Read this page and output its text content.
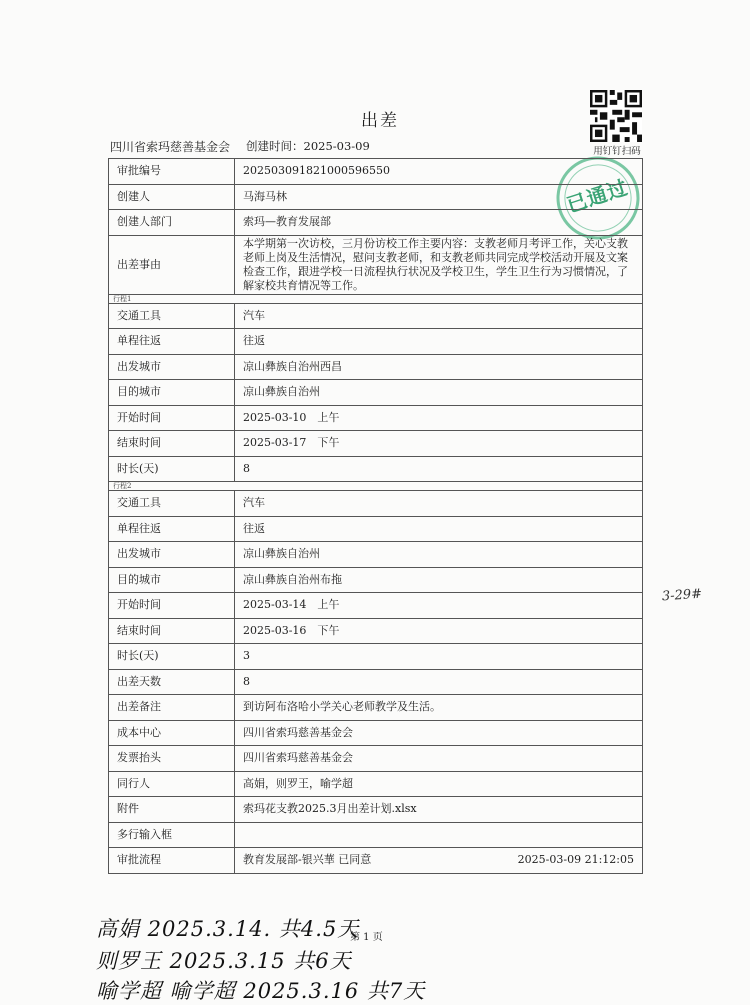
出差
四川省索玛慈善基金会 创建时间：2025-03-09	用钉钉扫码
已通过
审批编号	202503091821000596550
创建人	马海马林
创建人部门	索玛—教育发展部
出差事由	本学期第一次访校，三月份访校工作主要内容：支教老师月考评工作，关心支教老师上岗及生活情况，慰问支教老师，和支教老师共同完成学校活动开展及文案检查工作，跟进学校一日流程执行状况及学校卫生，学生卫生行为习惯情况，了解家校共育情况等工作。
行程1	
交通工具	汽车
单程往返	往返
出发城市	凉山彝族自治州西昌
目的城市	凉山彝族自治州
开始时间	2025-03-10　上午
结束时间	2025-03-17　下午
时长(天)	8
行程2	
交通工具	汽车
单程往返	往返
出发城市	凉山彝族自治州
目的城市	凉山彝族自治州布拖
开始时间	2025-03-14　上午
结束时间	2025-03-16　下午
时长(天)	3
出差天数	8
出差备注	到访阿布洛哈小学关心老师教学及生活。
成本中心	四川省索玛慈善基金会
发票抬头	四川省索玛慈善基金会
同行人	高娟，则罗王，喻学超
附件	索玛花支教2025.3月出差计划.xlsx
多行输入框	
审批流程	教育发展部-银兴華 已同意 2025-03-09 21:12:05
3-29#
第 1 页
高娟 2025.3.14. 共4.5天
则罗王 2025.3.15 共6天
喻学超 喻学超 2025.3.16 共7天
